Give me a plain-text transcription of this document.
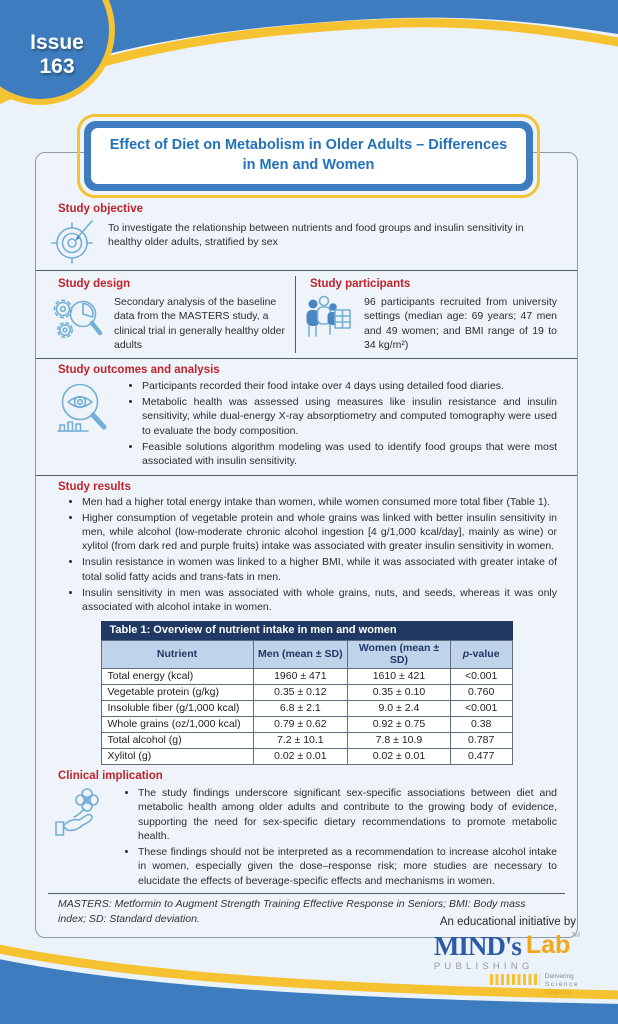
Issue
163
Effect of Diet on Metabolism in Older Adults – Differences in Men and Women
Study objective
To investigate the relationship between nutrients and food groups and insulin sensitivity in healthy older adults, stratified by sex
Study design
Secondary analysis of the baseline data from the MASTERS study, a clinical trial in generally healthy older adults
Study participants
96 participants recruited from university settings (median age: 69 years; 47 men and 49 women; and BMI range of 19 to 34 kg/m²)
Study outcomes and analysis
• Participants recorded their food intake over 4 days using detailed food diaries.
• Metabolic health was assessed using measures like insulin resistance and insulin sensitivity, while dual-energy X-ray absorptiometry and computed tomography were used to evaluate the body composition.
• Feasible solutions algorithm modeling was used to identify food groups that were most associated with insulin sensitivity.
Study results
• Men had a higher total energy intake than women, while women consumed more total fiber (Table 1).
• Higher consumption of vegetable protein and whole grains was linked with better insulin sensitivity in men, while alcohol (low-moderate chronic alcohol ingestion [4 g/1,000 kcal/day], mainly as wine) or xylitol (from dark red and purple fruits) intake was associated with greater insulin sensitivity in women.
• Insulin resistance in women was linked to a higher BMI, while it was associated with greater intake of total solid fatty acids and trans-fats in men.
• Insulin sensitivity in men was associated with whole grains, nuts, and seeds, whereas it was only associated with alcohol intake in women.
Table 1: Overview of nutrient intake in men and women
Nutrient	Men (mean ± SD)	Women (mean ± SD)	p-value
Total energy (kcal)	1960 ± 471	1610 ± 421	<0.001
Vegetable protein (g/kg)	0.35 ± 0.12	0.35 ± 0.10	0.760
Insoluble fiber (g/1,000 kcal)	6.8 ± 2.1	9.0 ± 2.4	<0.001
Whole grains (oz/1,000 kcal)	0.79 ± 0.62	0.92 ± 0.75	0.38
Total alcohol (g)	7.2 ± 10.1	7.8 ± 10.9	0.787
Xylitol (g)	0.02 ± 0.01	0.02 ± 0.01	0.477
Clinical implication
• The study findings underscore significant sex-specific associations between diet and metabolic health among older adults and contribute to the growing body of evidence, supporting the need for sex-specific dietary recommendations to promote metabolic health.
• These findings should not be interpreted as a recommendation to increase alcohol intake in women, especially given the dose–response risk; more studies are necessary to elucidate the effects of beverage-specific effects and mechanisms in women.
MASTERS: Metformin to Augment Strength Training Effective Response in Seniors; BMI: Body mass index; SD: Standard deviation.	An educational initiative by
MIND's Lab TM
PUBLISHING
Delivering
Science
Diligently
